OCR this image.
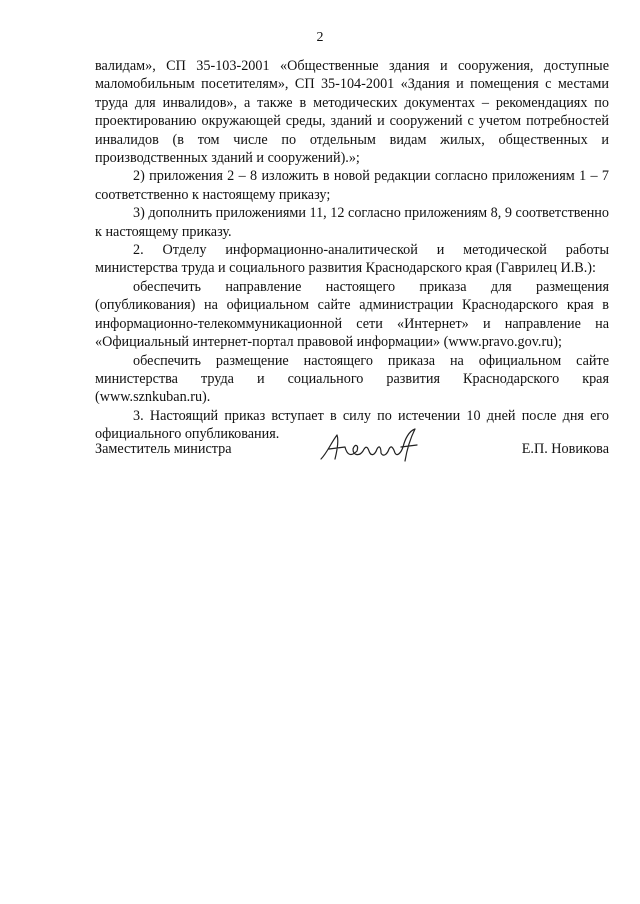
2

валидам», СП 35-103-2001 «Общественные здания и сооружения, доступные маломобильным посетителям», СП 35-104-2001 «Здания и помещения с местами труда для инвалидов», а также в методических документах – рекомендациях по проектированию окружающей среды, зданий и сооружений с учетом потребностей инвалидов (в том числе по отдельным видам жилых, общественных и производственных зданий и сооружений).»;

2) приложения 2 – 8 изложить в новой редакции согласно приложениям 1 – 7 соответственно к настоящему приказу;

3) дополнить приложениями 11, 12 согласно приложениям 8, 9 соответственно к настоящему приказу.

2. Отделу информационно-аналитической и методической работы министерства труда и социального развития Краснодарского края (Гаврилец И.В.):

обеспечить направление настоящего приказа для размещения (опубликования) на официальном сайте администрации Краснодарского края в информационно-телекоммуникационной сети «Интернет» и направление на «Официальный интернет-портал правовой информации» (www.pravo.gov.ru);

обеспечить размещение настоящего приказа на официальном сайте министерства труда и социального развития Краснодарского края (www.sznkuban.ru).

3. Настоящий приказ вступает в силу по истечении 10 дней после дня его официального опубликования.

Заместитель министра	Е.П. Новикова
